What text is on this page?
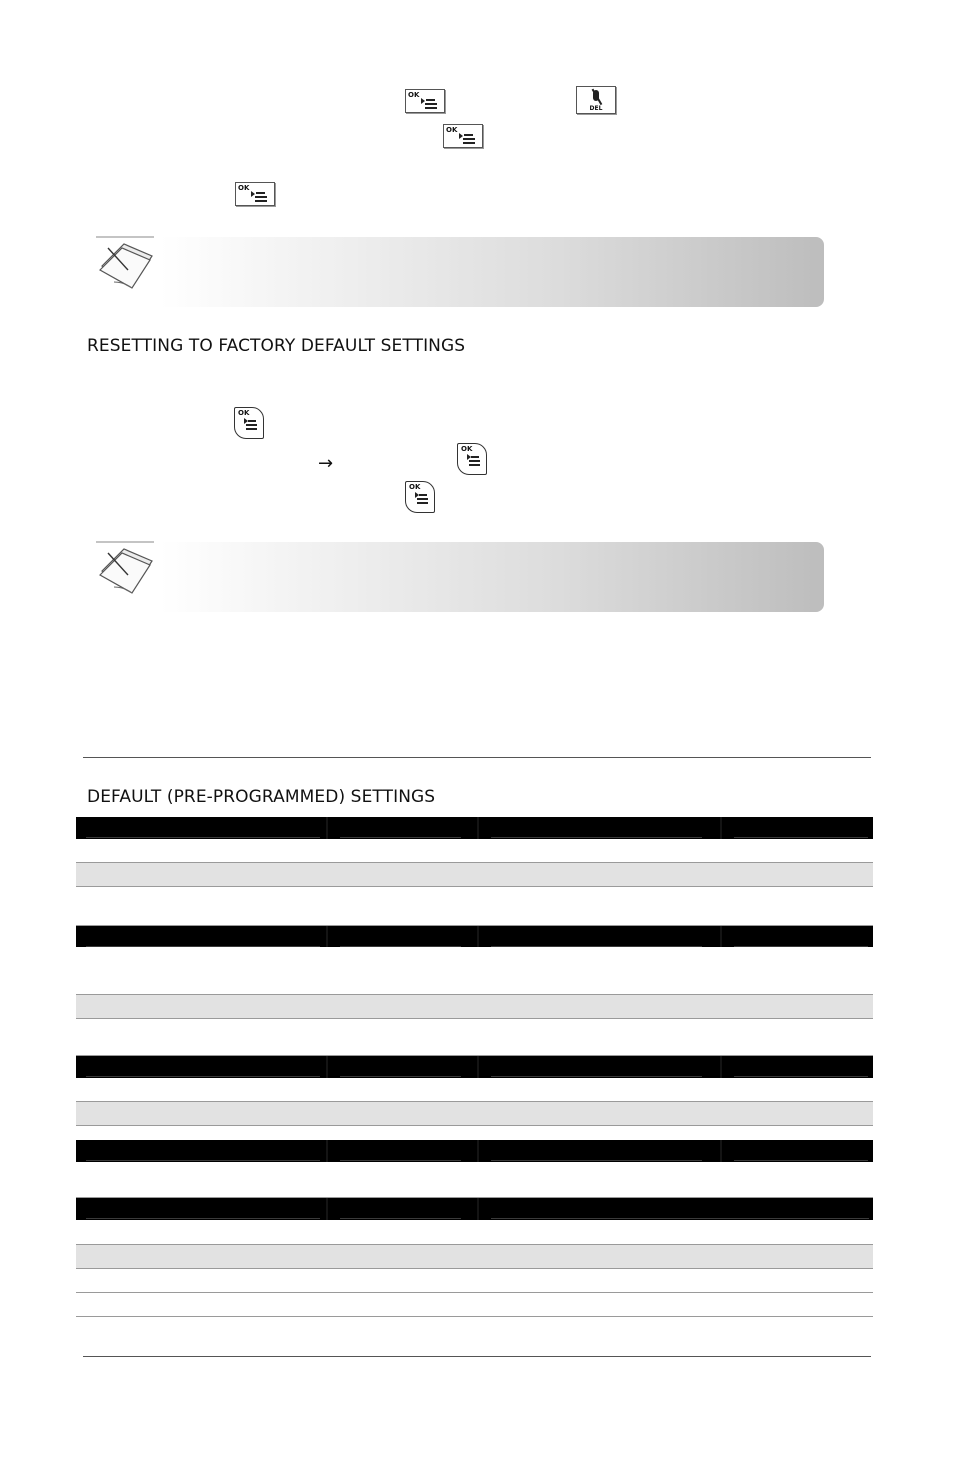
OK
DEL
OK
OK
RESETTING TO FACTORY DEFAULT SETTINGS
OK
→
OK
OK
DEFAULT (PRE-PROGRAMMED) SETTINGS
